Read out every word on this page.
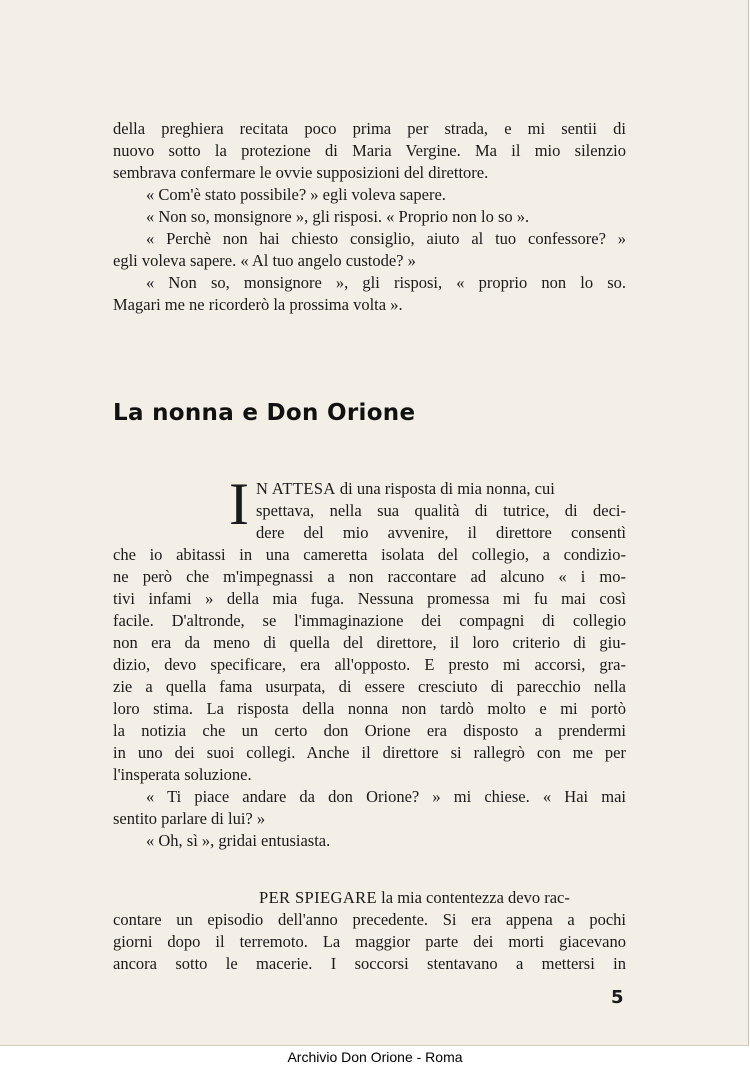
della preghiera recitata poco prima per strada, e mi sentii di
nuovo sotto la protezione di Maria Vergine. Ma il mio silenzio
sembrava confermare le ovvie supposizioni del direttore.
« Com'è stato possibile? » egli voleva sapere.
« Non so, monsignore », gli risposi. « Proprio non lo so ».
« Perchè non hai chiesto consiglio, aiuto al tuo confessore? »
egli voleva sapere. « Al tuo angelo custode? »
« Non so, monsignore », gli risposi, « proprio non lo so.
Magari me ne ricorderò la prossima volta ».
La nonna e Don Orione
I N ATTESA di una risposta di mia nonna, cui
spettava, nella sua qualità di tutrice, di deci-
dere del mio avvenire, il direttore consentì
che io abitassi in una cameretta isolata del collegio, a condizio-
ne però che m'impegnassi a non raccontare ad alcuno « i mo-
tivi infami » della mia fuga. Nessuna promessa mi fu mai così
facile. D'altronde, se l'immaginazione dei compagni di collegio
non era da meno di quella del direttore, il loro criterio di giu-
dizio, devo specificare, era all'opposto. E presto mi accorsi, gra-
zie a quella fama usurpata, di essere cresciuto di parecchio nella
loro stima. La risposta della nonna non tardò molto e mi portò
la notizia che un certo don Orione era disposto a prendermi
in uno dei suoi collegi. Anche il direttore si rallegrò con me per
l'insperata soluzione.
« Ti piace andare da don Orione? » mi chiese. « Hai mai
sentito parlare di lui? »
« Oh, sì », gridai entusiasta.
PER SPIEGARE la mia contentezza devo rac-
contare un episodio dell'anno precedente. Si era appena a pochi
giorni dopo il terremoto. La maggior parte dei morti giacevano
ancora sotto le macerie. I soccorsi stentavano a mettersi in
5
Archivio Don Orione - Roma
